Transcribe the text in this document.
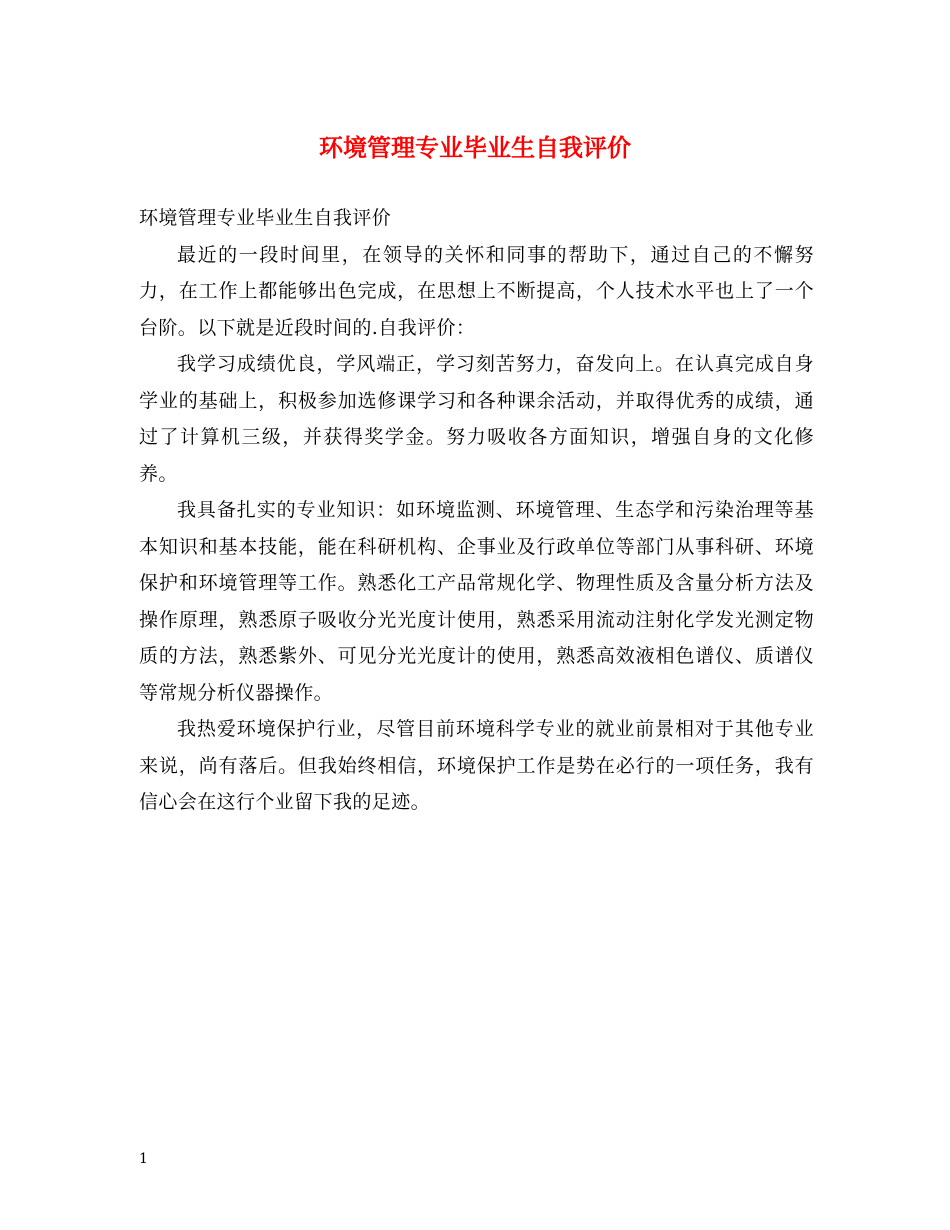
环境管理专业毕业生自我评价

环境管理专业毕业生自我评价

最近的一段时间里，在领导的关怀和同事的帮助下，通过自己的不懈努力，在工作上都能够出色完成，在思想上不断提高，个人技术水平也上了一个台阶。以下就是近段时间的.自我评价：

我学习成绩优良，学风端正，学习刻苦努力，奋发向上。在认真完成自身学业的基础上，积极参加选修课学习和各种课余活动，并取得优秀的成绩，通过了计算机三级，并获得奖学金。努力吸收各方面知识，增强自身的文化修养。

我具备扎实的专业知识：如环境监测、环境管理、生态学和污染治理等基本知识和基本技能，能在科研机构、企事业及行政单位等部门从事科研、环境保护和环境管理等工作。熟悉化工产品常规化学、物理性质及含量分析方法及操作原理，熟悉原子吸收分光光度计使用，熟悉采用流动注射化学发光测定物质的方法，熟悉紫外、可见分光光度计的使用，熟悉高效液相色谱仪、质谱仪等常规分析仪器操作。

我热爱环境保护行业，尽管目前环境科学专业的就业前景相对于其他专业来说，尚有落后。但我始终相信，环境保护工作是势在必行的一项任务，我有信心会在这行个业留下我的足迹。

1
